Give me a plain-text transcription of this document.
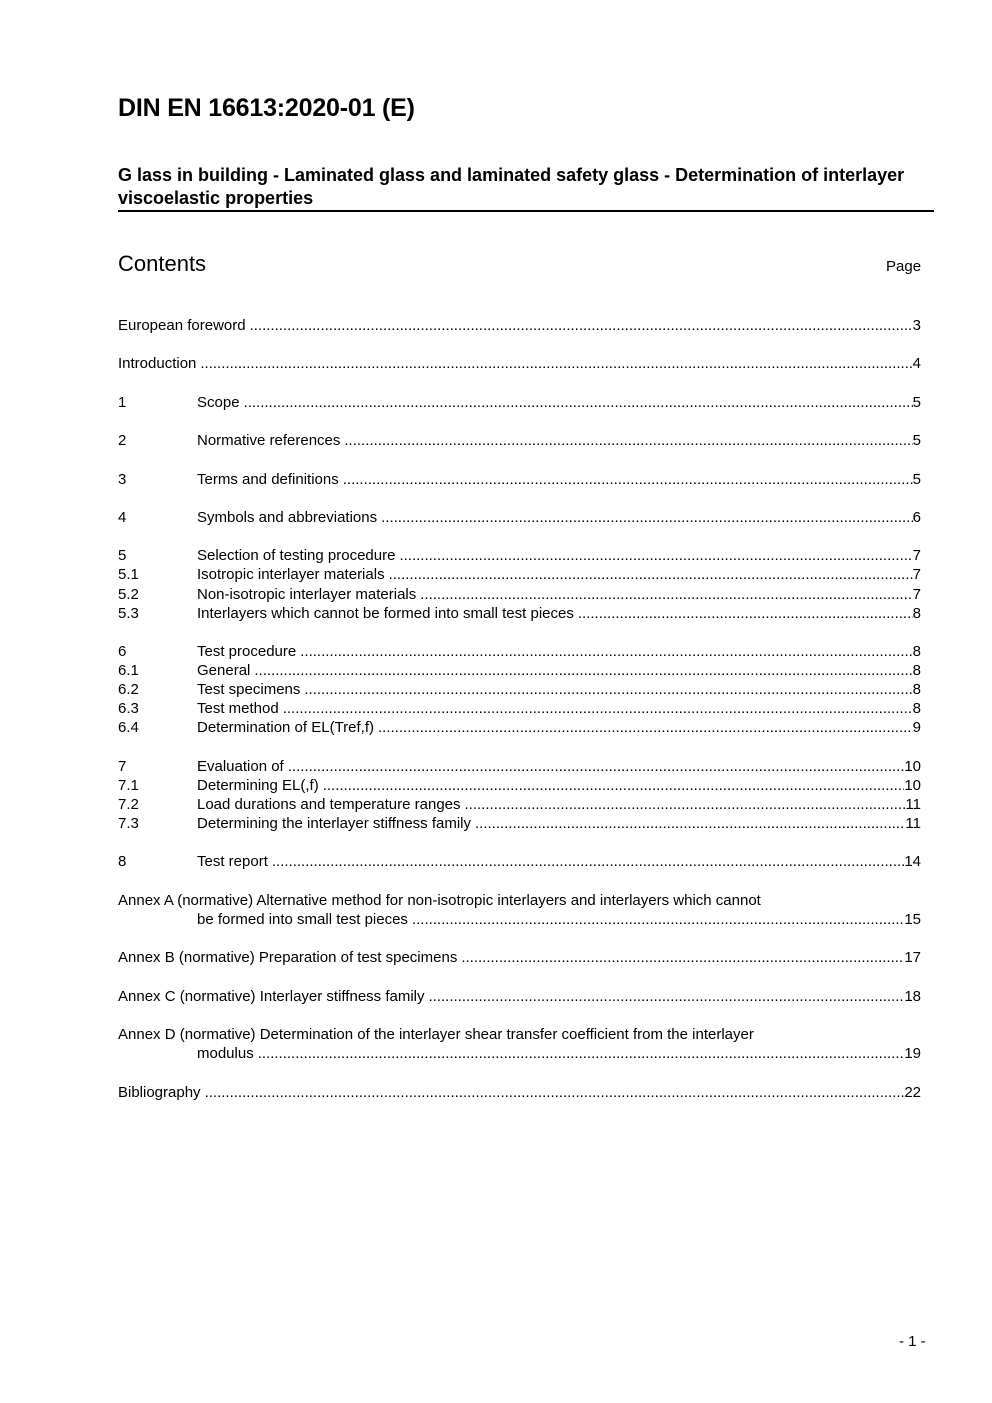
DIN EN 16613:2020-01 (E)
G lass in building - Laminated glass and laminated safety glass - Determination of interlayer viscoelastic properties
Contents	Page
European foreword .....	3
Introduction .....	4
1	Scope .....	5
2	Normative references .....	5
3	Terms and definitions .....	5
4	Symbols and abbreviations .....	6
5	Selection of testing procedure .....	7
5.1	Isotropic interlayer materials .....	7
5.2	Non-isotropic interlayer materials .....	7
5.3	Interlayers which cannot be formed into small test pieces .....	8
6	Test procedure .....	8
6.1	General .....	8
6.2	Test specimens .....	8
6.3	Test method .....	8
6.4	Determination of EL(Tref,f) .....	9
7	Evaluation of .....	10
7.1	Determining EL(,f) .....	10
7.2	Load durations and temperature ranges .....	11
7.3	Determining the interlayer stiffness family .....	11
8	Test report .....	14
Annex A (normative) Alternative method for non-isotropic interlayers and interlayers which cannot
be formed into small test pieces .....	15
Annex B (normative) Preparation of test specimens .....	17
Annex C (normative) Interlayer stiffness family .....	18
Annex D (normative) Determination of the interlayer shear transfer coefficient from the interlayer
modulus .....	19
Bibliography .....	22
- 1 -
